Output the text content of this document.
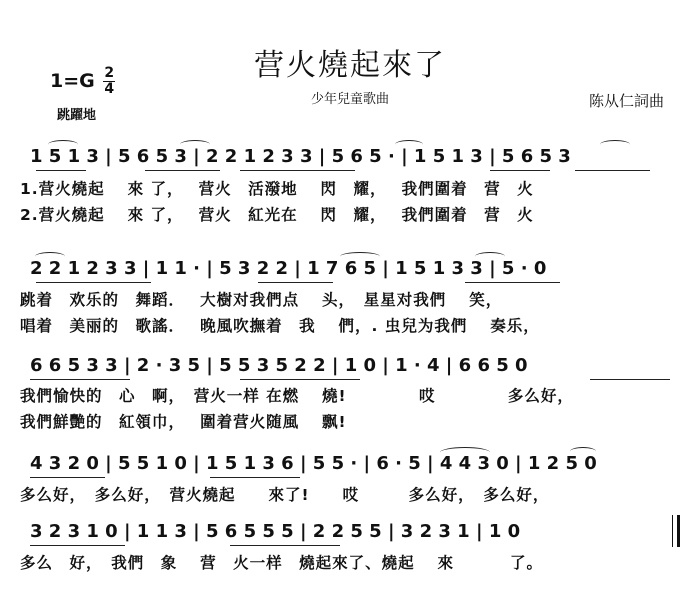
营火燒起來了
少年兒童歌曲	陈从仁詞曲
$1=G \frac{2}{4}$
跳躍地
1 5 1 3 | 5 6 5 3 | 2 2 1 2 3 3 | 5 6 5 · | 1 5 1 3 | 5 6 5 3
1.营火燒起　 來 了，　 营火　活潑地　 閃　耀，　 我們圍着　营　火
2.营火燒起　 來 了，　 营火　紅光在　 閃　耀，　 我們圍着　营　火
2 2 1 2 3 3 | 1 1 · | 5 3 2 2 | 1 7 6 5 | 1 5 1 3 3 | 5 · 0
跳着　欢乐的　舞蹈．　 大樹对我們点　 头，　星星对我們　 笑，
唱着　美丽的　歌謠．　 晚風吹撫着　我　 們，. 虫兒为我們　 奏乐，
6 6 5 3 3 | 2 · 3 5 | 5 5 3 5 2 2 | 1 0 | 1 · 4 | 6 6 5 0
我們愉快的　心　啊，　营火一样 在燃　 燒!　　　　 哎　　　　 多么好，
我們鮮艷的　紅領巾，　 圍着营火随風　 飘!
4 3 2 0 | 5 5 1 0 | 1 5 1 3 6 | 5 5 · | 6 · 5 | 4 4 3 0 | 1 2 5 0
多么好，　多么好，　营火燒起　　來了!　　哎　　　多么好，　多么好，
3 2 3 1 0 | 1 1 3 | 5 6 5 5 5 | 2 2 5 5 | 3 2 3 1 | 1 0
多么　好，　我們　象　 营　火一样　燒起來了、燒起　 來　　　 了。
